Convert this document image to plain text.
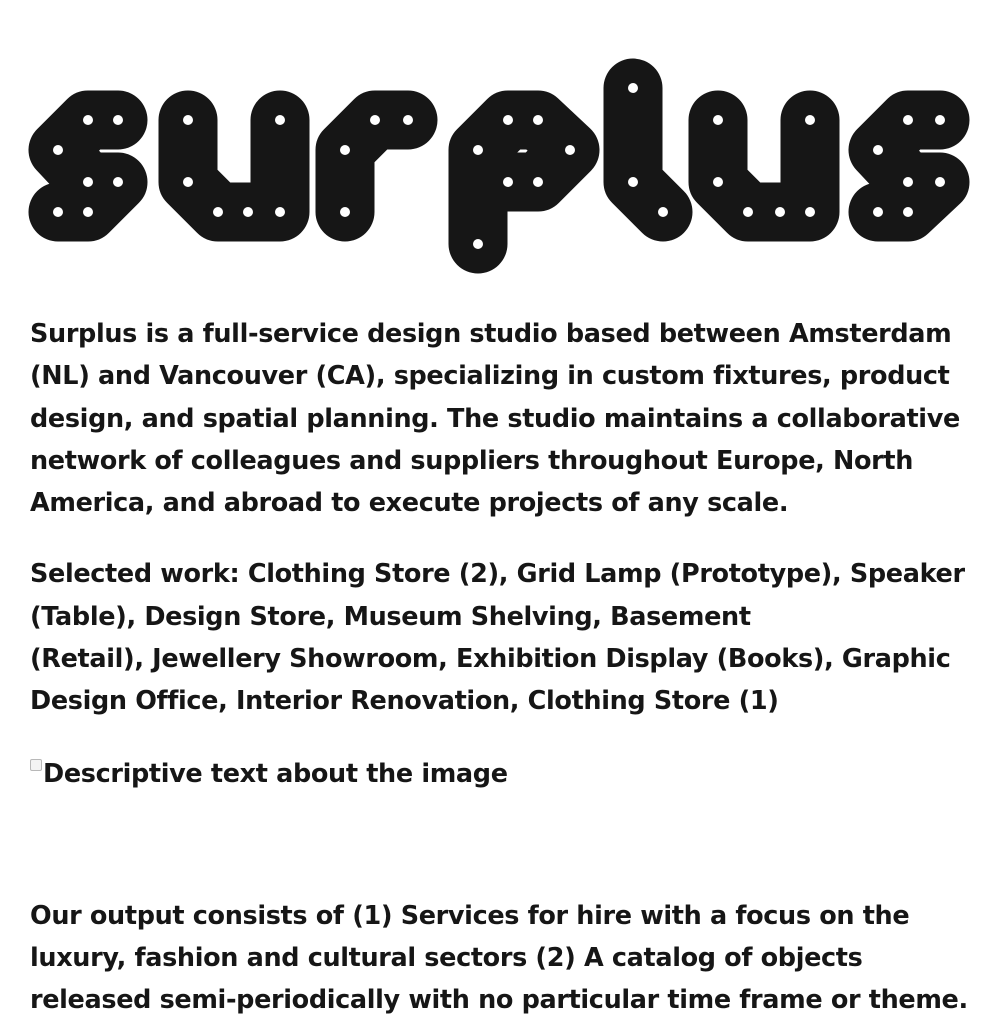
Surplus is a full-service design studio based between Amsterdam (NL) and Vancouver (CA), specializing in custom fixtures, product design, and spatial planning. The studio maintains a collaborative network of colleagues and suppliers throughout Europe, North America, and abroad to execute projects of any scale.

Selected work: Clothing Store (2), Grid Lamp (Prototype), Speaker
(Table), Design Store, Museum Shelving, Basement
(Retail), Jewellery Showroom, Exhibition Display (Books), Graphic
Design Office, Interior Renovation, Clothing Store (1)

Descriptive text about the image

Our output consists of (1) Services for hire with a focus on the luxury, fashion and cultural sectors (2) A catalog of objects released semi-periodically with no particular time frame or theme.
